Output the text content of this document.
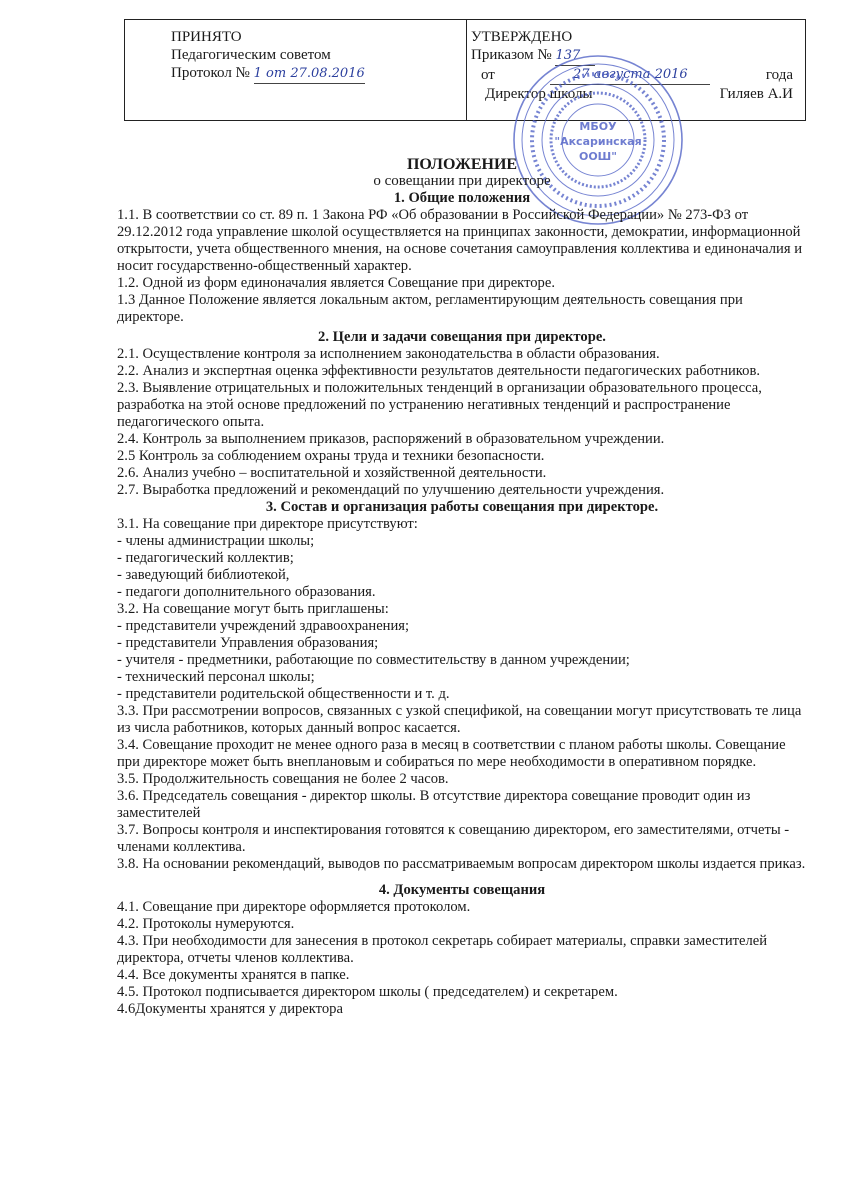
ПРИНЯТО
Педагогическим советом
Протокол № 1 от 27.08.2016
УТВЕРЖДЕНО
Приказом № 137
от	27 августа 2016	года
Директор школы	Гиляев А.И
МБОУ
"Аксаринская
ООШ"

ПОЛОЖЕНИЕ

о совещании при директоре

1. Общие положения

1.1. В соответствии со ст. 89 п. 1 Закона РФ «Об образовании в Российской Федерации» № 273-ФЗ от 29.12.2012 года управление школой осуществляется на принципах законности, демократии, информационной открытости, учета общественного мнения, на основе сочетания самоуправления коллектива и единоначалия и носит государственно-общественный характер.

1.2. Одной из форм единоначалия является Совещание при директоре.

1.3 Данное Положение является локальным актом, регламентирующим деятельность совещания при директоре.

2. Цели и задачи совещания при директоре.

2.1. Осуществление контроля за исполнением законодательства в области образования.

2.2. Анализ и экспертная оценка эффективности результатов деятельности педагогических работников.

2.3. Выявление отрицательных и положительных тенденций в организации образовательного процесса, разработка на этой основе предложений по устранению негативных тенденций и распространение педагогического опыта.

2.4. Контроль за выполнением приказов, распоряжений в образовательном учреждении.

2.5 Контроль за соблюдением охраны труда и техники безопасности.

2.6. Анализ учебно – воспитательной и хозяйственной деятельности.

2.7. Выработка предложений и рекомендаций по улучшению деятельности учреждения.

3. Состав и организация работы совещания при директоре.

3.1. На совещание при директоре присутствуют:

- члены администрации школы;

- педагогический коллектив;

- заведующий библиотекой,

- педагоги дополнительного образования.

3.2. На совещание могут быть приглашены:

- представители учреждений здравоохранения;

- представители Управления образования;

- учителя - предметники, работающие по совместительству в данном учреждении;

- технический персонал школы;

- представители родительской общественности и т. д.

3.3. При рассмотрении вопросов, связанных с узкой спецификой, на совещании могут присутствовать те лица из числа работников, которых данный вопрос касается.

3.4. Совещание проходит не менее одного раза в месяц в соответствии с планом работы школы. Совещание при директоре может быть внеплановым и собираться по мере необходимости в оперативном порядке.

3.5. Продолжительность совещания не более 2 часов.

3.6. Председатель совещания - директор школы. В отсутствие директора совещание проводит один из заместителей

3.7. Вопросы контроля и инспектирования готовятся к совещанию директором, его заместителями, отчеты - членами коллектива.

3.8. На основании рекомендаций, выводов по рассматриваемым вопросам директором школы издается приказ.

4. Документы совещания

4.1. Совещание при директоре оформляется протоколом.

4.2. Протоколы нумеруются.

4.3. При необходимости для занесения в протокол секретарь собирает материалы, справки заместителей директора, отчеты членов коллектива.

4.4. Все документы хранятся в папке.

4.5. Протокол подписывается директором школы ( председателем) и секретарем.

4.6Документы хранятся у директора
